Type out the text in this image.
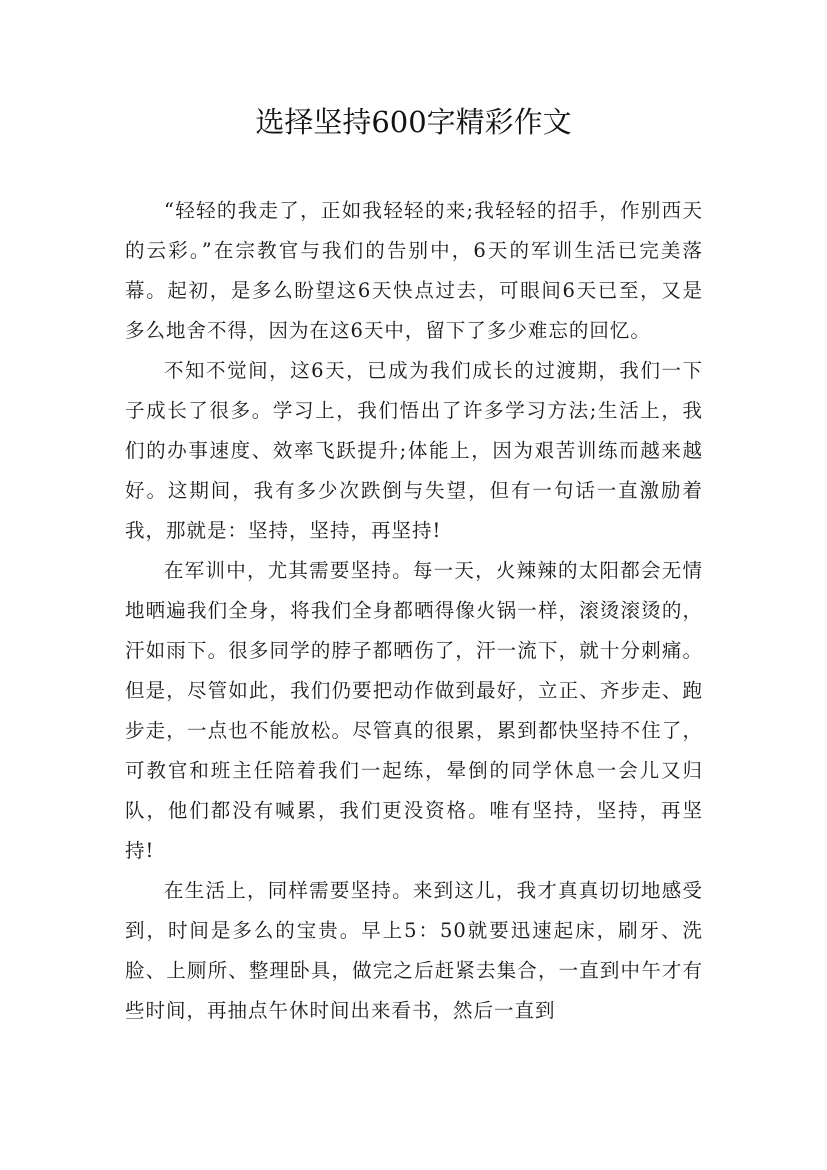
选择坚持600字精彩作文

“轻轻的我走了，正如我轻轻的来;我轻轻的招手，作别西天的云彩。”在宗教官与我们的告别中，6天的军训生活已完美落幕。起初，是多么盼望这6天快点过去，可眼间6天已至，又是多么地舍不得，因为在这6天中，留下了多少难忘的回忆。

不知不觉间，这6天，已成为我们成长的过渡期，我们一下子成长了很多。学习上，我们悟出了许多学习方法;生活上，我们的办事速度、效率飞跃提升;体能上，因为艰苦训练而越来越好。这期间，我有多少次跌倒与失望，但有一句话一直激励着我，那就是：坚持，坚持，再坚持!

在军训中，尤其需要坚持。每一天，火辣辣的太阳都会无情地晒遍我们全身，将我们全身都晒得像火锅一样，滚烫滚烫的，汗如雨下。很多同学的脖子都晒伤了，汗一流下，就十分刺痛。但是，尽管如此，我们仍要把动作做到最好，立正、齐步走、跑步走，一点也不能放松。尽管真的很累，累到都快坚持不住了，可教官和班主任陪着我们一起练，晕倒的同学休息一会儿又归队，他们都没有喊累，我们更没资格。唯有坚持，坚持，再坚持!

在生活上，同样需要坚持。来到这儿，我才真真切切地感受到，时间是多么的宝贵。早上5：50就要迅速起床，刷牙、洗脸、上厕所、整理卧具，做完之后赶紧去集合，一直到中午才有些时间，再抽点午休时间出来看书，然后一直到
